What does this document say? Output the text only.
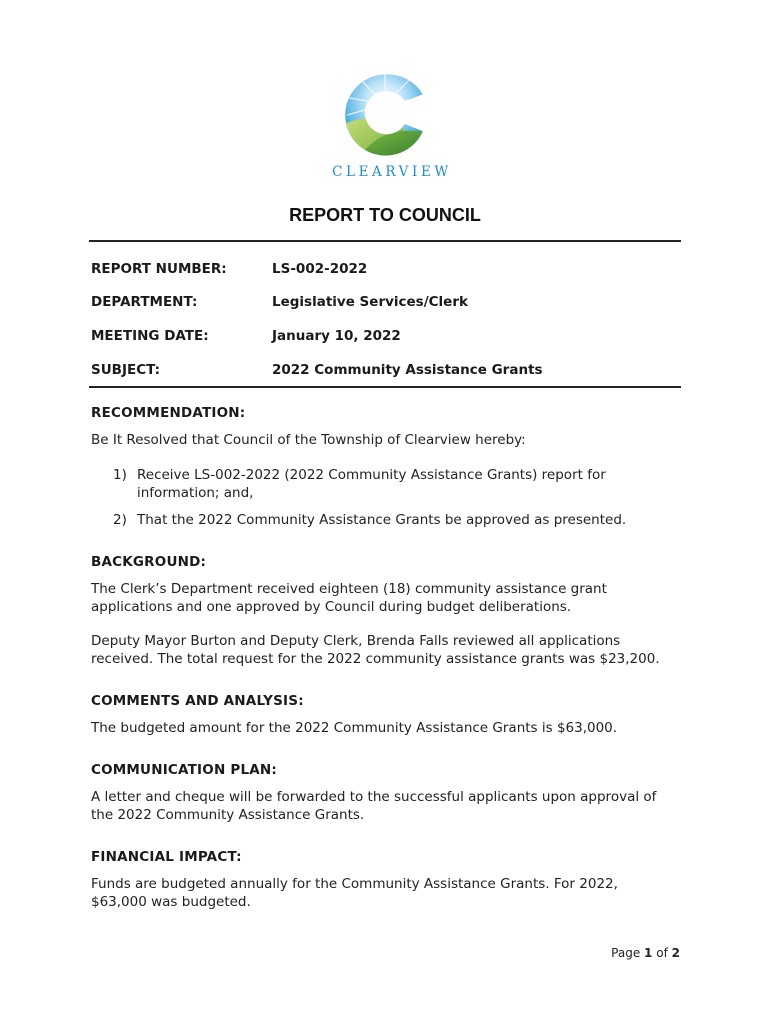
CLEARVIEW
REPORT TO COUNCIL
REPORT NUMBER:	LS-002-2022
DEPARTMENT:	Legislative Services/Clerk
MEETING DATE:	January 10, 2022
SUBJECT:	2022 Community Assistance Grants
RECOMMENDATION:
Be It Resolved that Council of the Township of Clearview hereby:
1) Receive LS-002-2022 (2022 Community Assistance Grants) report for
information; and,
2) That the 2022 Community Assistance Grants be approved as presented.
BACKGROUND:
The Clerk’s Department received eighteen (18) community assistance grant
applications and one approved by Council during budget deliberations.
Deputy Mayor Burton and Deputy Clerk, Brenda Falls reviewed all applications
received. The total request for the 2022 community assistance grants was $23,200.
COMMENTS AND ANALYSIS:
The budgeted amount for the 2022 Community Assistance Grants is $63,000.
COMMUNICATION PLAN:
A letter and cheque will be forwarded to the successful applicants upon approval of
the 2022 Community Assistance Grants.
FINANCIAL IMPACT:
Funds are budgeted annually for the Community Assistance Grants. For 2022,
$63,000 was budgeted.
Page 1 of 2
